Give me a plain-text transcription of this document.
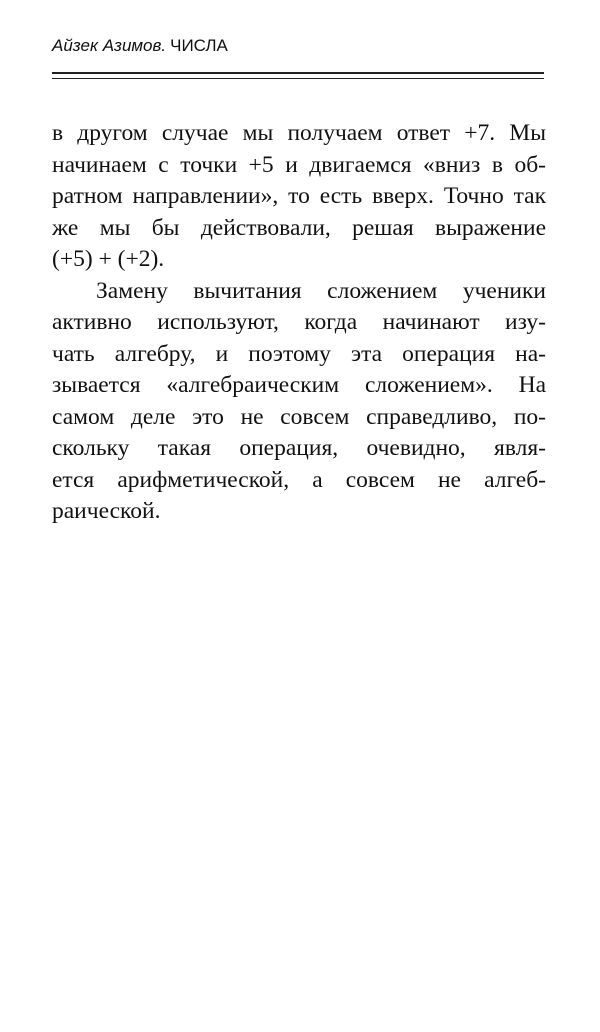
Айзек Азимов. ЧИСЛА
в другом случае мы получаем ответ +7. Мы
начинаем с точки +5 и двигаемся «вниз в об-
ратном направлении», то есть вверх. Точно так
же мы бы действовали, решая выражение
(+5) + (+2).
Замену вычитания сложением ученики
активно используют, когда начинают изу-
чать алгебру, и поэтому эта операция на-
зывается «алгебраическим сложением». На
самом деле это не совсем справедливо, по-
скольку такая операция, очевидно, явля-
ется арифметической, а совсем не алгеб-
раической.
